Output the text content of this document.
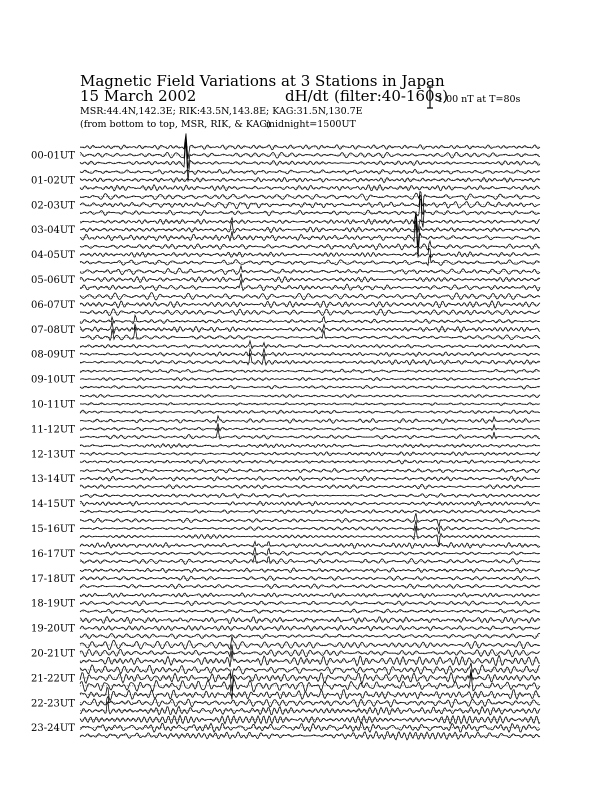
Magnetic Field Variations at 3 Stations in Japan
15 March 2002	dH/dt (filter:40-160s)
MSR:44.4N,142.3E; RIK:43.5N,143.8E; KAG:31.5N,130.7E
(from bottom to top, MSR, RIK, & KAG)
midnight=1500UT
1.00 nT at T=80s
00-01UT
01-02UT
02-03UT
03-04UT
04-05UT
05-06UT
06-07UT
07-08UT
08-09UT
09-10UT
10-11UT
11-12UT
12-13UT
13-14UT
14-15UT
15-16UT
16-17UT
17-18UT
18-19UT
19-20UT
20-21UT
21-22UT
22-23UT
23-24UT
